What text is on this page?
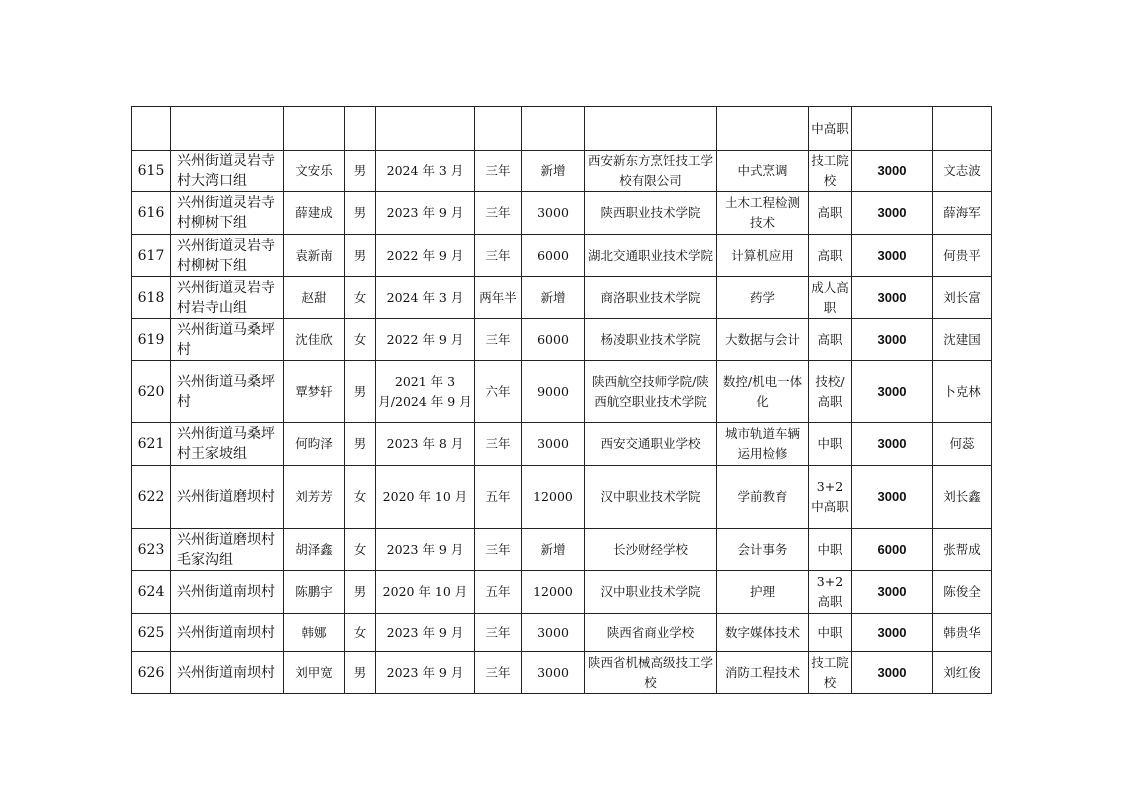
									中高职		
615	兴州街道灵岩寺村大湾口组	文安乐	男	2024 年 3 月	三年	新增	西安新东方烹饪技工学校有限公司	中式烹调	技工院校	3000	文志波
616	兴州街道灵岩寺村柳树下组	薛建成	男	2023 年 9 月	三年	3000	陕西职业技术学院	土木工程检测技术	高职	3000	薛海军
617	兴州街道灵岩寺村柳树下组	袁新南	男	2022 年 9 月	三年	6000	湖北交通职业技术学院	计算机应用	高职	3000	何贵平
618	兴州街道灵岩寺村岩寺山组	赵甜	女	2024 年 3 月	两年半	新增	商洛职业技术学院	药学	成人高职	3000	刘长富
619	兴州街道马桑坪村	沈佳欣	女	2022 年 9 月	三年	6000	杨凌职业技术学院	大数据与会计	高职	3000	沈建国
620	兴州街道马桑坪村	覃梦轩	男	2021 年 3 月/2024 年 9 月	六年	9000	陕西航空技师学院/陕西航空职业技术学院	数控/机电一体化	技校/高职	3000	卜克林
621	兴州街道马桑坪村王家坡组	何昀泽	男	2023 年 8 月	三年	3000	西安交通职业学校	城市轨道车辆运用检修	中职	3000	何蕊
622	兴州街道磨坝村	刘芳芳	女	2020 年 10 月	五年	12000	汉中职业技术学院	学前教育	3+2中高职	3000	刘长鑫
623	兴州街道磨坝村毛家沟组	胡泽鑫	女	2023 年 9 月	三年	新增	长沙财经学校	会计事务	中职	6000	张帮成
624	兴州街道南坝村	陈鹏宇	男	2020 年 10 月	五年	12000	汉中职业技术学院	护理	3+2高职	3000	陈俊全
625	兴州街道南坝村	韩娜	女	2023 年 9 月	三年	3000	陕西省商业学校	数字媒体技术	中职	3000	韩贵华
626	兴州街道南坝村	刘甲宽	男	2023 年 9 月	三年	3000	陕西省机械高级技工学校	消防工程技术	技工院校	3000	刘红俊
